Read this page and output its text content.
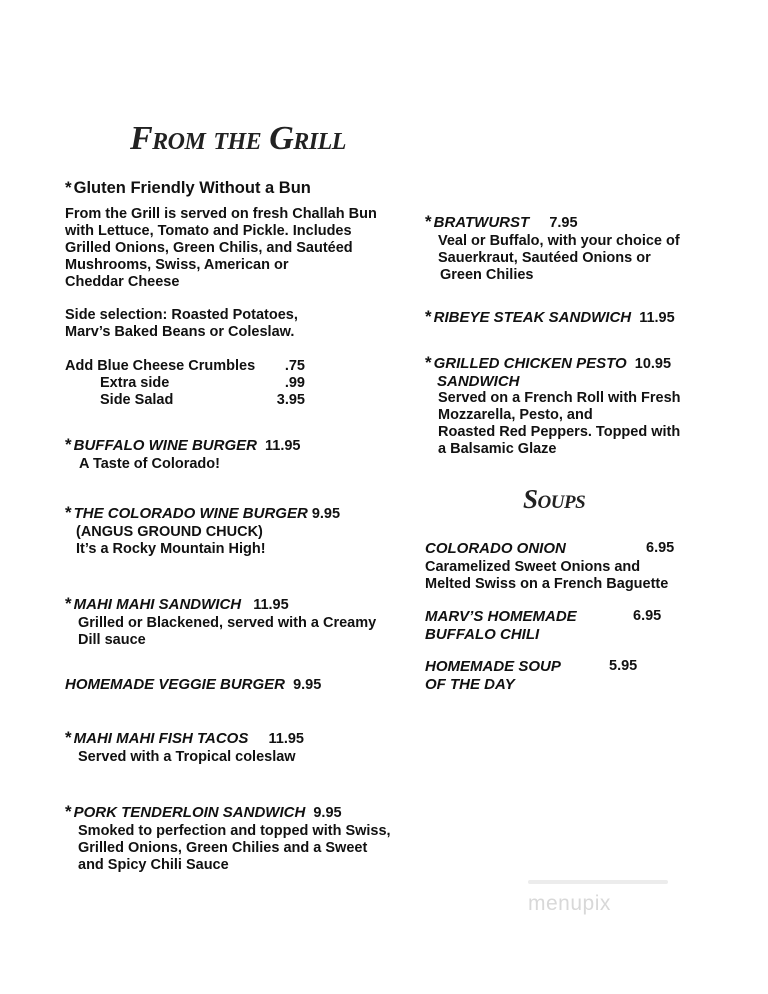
From the Grill
* Gluten Friendly Without a Bun
From the Grill is served on fresh Challah Bun
with Lettuce, Tomato and Pickle. Includes
Grilled Onions, Green Chilis, and Sautéed
Mushrooms, Swiss, American or
Cheddar Cheese
Side selection: Roasted Potatoes,
Marv’s Baked Beans or Coleslaw.
Add Blue Cheese Crumbles .75
Extra side	.99
Side Salad	3.95
* BUFFALO WINE BURGER 11.95
A Taste of Colorado!
* THE COLORADO WINE BURGER 9.95
(ANGUS GROUND CHUCK)
It’s a Rocky Mountain High!
* MAHI MAHI SANDWICH 11.95
Grilled or Blackened, served with a Creamy
Dill sauce
HOMEMADE VEGGIE BURGER 9.95
* MAHI MAHI FISH TACOS 11.95
Served with a Tropical coleslaw
* PORK TENDERLOIN SANDWICH 9.95
Smoked to perfection and topped with Swiss,
Grilled Onions, Green Chilies and a Sweet
and Spicy Chili Sauce
* BRATWURST 7.95
Veal or Buffalo, with your choice of
Sauerkraut, Sautéed Onions or
Green Chilies
* RIBEYE STEAK SANDWICH 11.95
* GRILLED CHICKEN PESTO 10.95
SANDWICH
Served on a French Roll with Fresh
Mozzarella, Pesto, and
Roasted Red Peppers. Topped with
a Balsamic Glaze
Soups
COLORADO ONION	6.95
Caramelized Sweet Onions and
Melted Swiss on a French Baguette
MARV’S HOMEMADE	6.95
BUFFALO CHILI
HOMEMADE SOUP	5.95
OF THE DAY
menupix
